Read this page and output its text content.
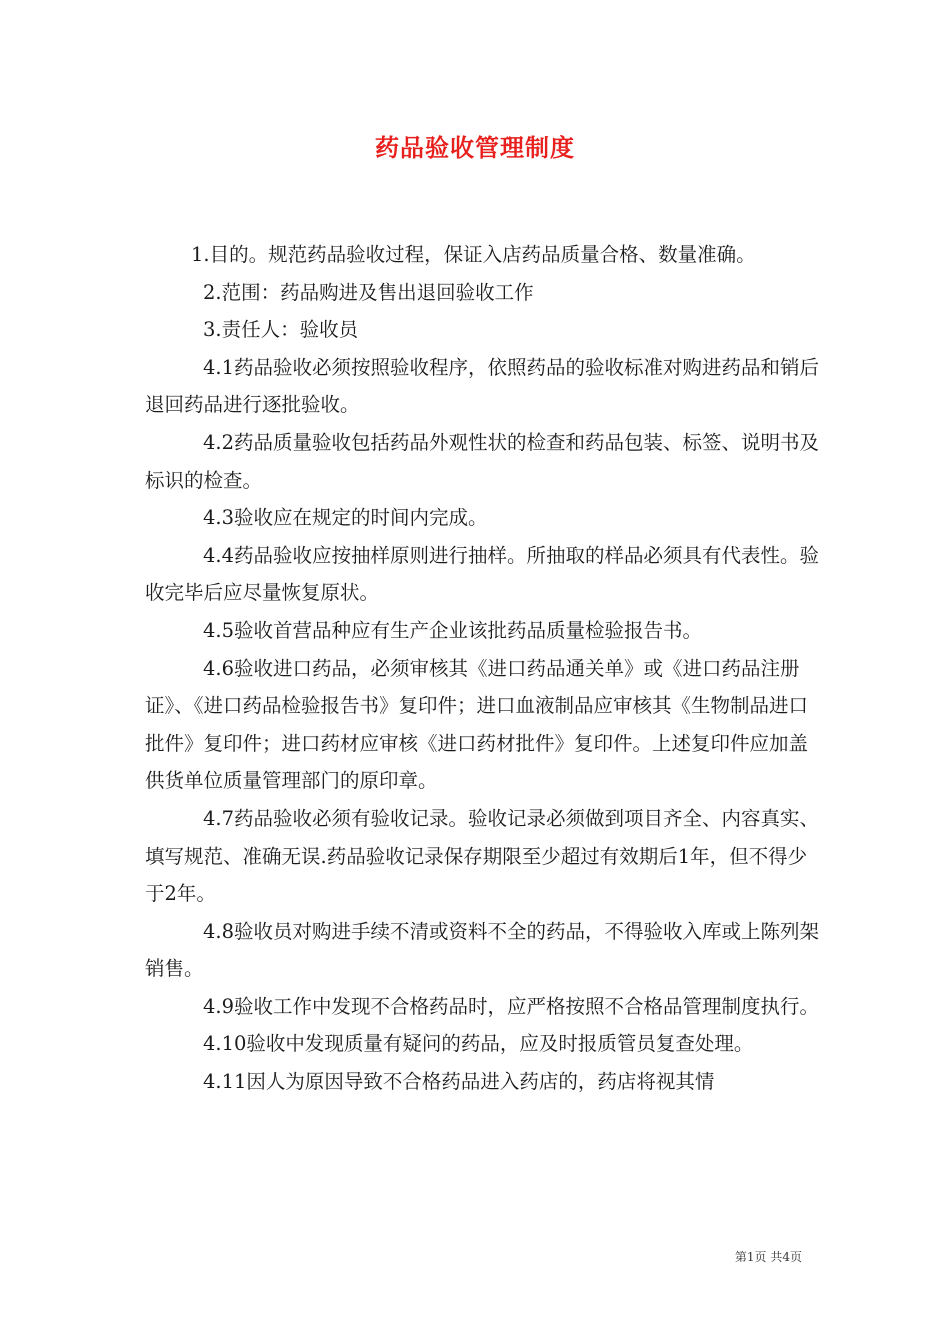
药品验收管理制度

1.目的。规范药品验收过程，保证入店药品质量合格、数量准确。

2.范围：药品购进及售出退回验收工作

3.责任人：验收员

4.1药品验收必须按照验收程序，依照药品的验收标准对购进药品和销后退回药品进行逐批验收。

4.2药品质量验收包括药品外观性状的检查和药品包装、标签、说明书及标识的检查。

4.3验收应在规定的时间内完成。

4.4药品验收应按抽样原则进行抽样。所抽取的样品必须具有代表性。验收完毕后应尽量恢复原状。

4.5验收首营品种应有生产企业该批药品质量检验报告书。

4.6验收进口药品，必须审核其《进口药品通关单》或《进口药品注册证》、《进口药品检验报告书》复印件；进口血液制品应审核其《生物制品进口批件》复印件；进口药材应审核《进口药材批件》复印件。上述复印件应加盖供货单位质量管理部门的原印章。

4.7药品验收必须有验收记录。验收记录必须做到项目齐全、内容真实、填写规范、准确无误.药品验收记录保存期限至少超过有效期后1年，但不得少于2年。

4.8验收员对购进手续不清或资料不全的药品，不得验收入库或上陈列架销售。

4.9验收工作中发现不合格药品时，应严格按照不合格品管理制度执行。

4.10验收中发现质量有疑问的药品，应及时报质管员复查处理。

4.11因人为原因导致不合格药品进入药店的，药店将视其情

第1页 共4页
